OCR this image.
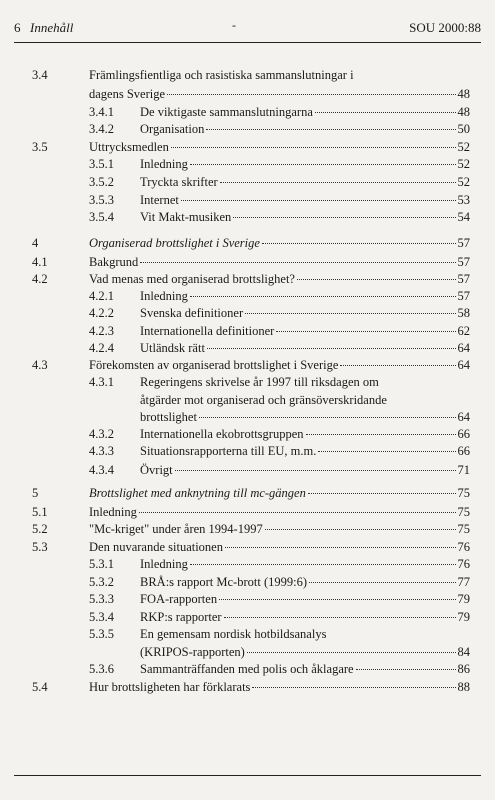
6 Innehåll	-	SOU 2000:88
3.4	Främlingsfientliga och rasistiska sammanslutningar i
dagens Sverige	48
3.4.1 De viktigaste sammanslutningarna	48
3.4.2 Organisation	50
3.5	Uttrycksmedlen	52
3.5.1 Inledning	52
3.5.2 Tryckta skrifter	52
3.5.3 Internet	53
3.5.4 Vit Makt-musiken	54
4	Organiserad brottslighet i Sverige	57
4.1	Bakgrund	57
4.2	Vad menas med organiserad brottslighet?	57
4.2.1 Inledning	57
4.2.2 Svenska definitioner	58
4.2.3 Internationella definitioner	62
4.2.4 Utländsk rätt	64
4.3	Förekomsten av organiserad brottslighet i Sverige	64
4.3.1 Regeringens skrivelse år 1997 till riksdagen om
åtgärder mot organiserad och gränsöverskridande
brottslighet	64
4.3.2 Internationella ekobrottsgruppen	66
4.3.3 Situationsrapporterna till EU, m.m.	66
4.3.4 Övrigt	71
5	Brottslighet med anknytning till mc-gängen	75
5.1	Inledning	75
5.2	"Mc-kriget" under åren 1994-1997	75
5.3	Den nuvarande situationen	76
5.3.1 Inledning	76
5.3.2 BRÅ:s rapport Mc-brott (1999:6)	77
5.3.3 FOA-rapporten	79
5.3.4 RKP:s rapporter	79
5.3.5 En gemensam nordisk hotbildsanalys
(KRIPOS-rapporten)	84
5.3.6 Sammanträffanden med polis och åklagare	86
5.4	Hur brottsligheten har förklarats	88
